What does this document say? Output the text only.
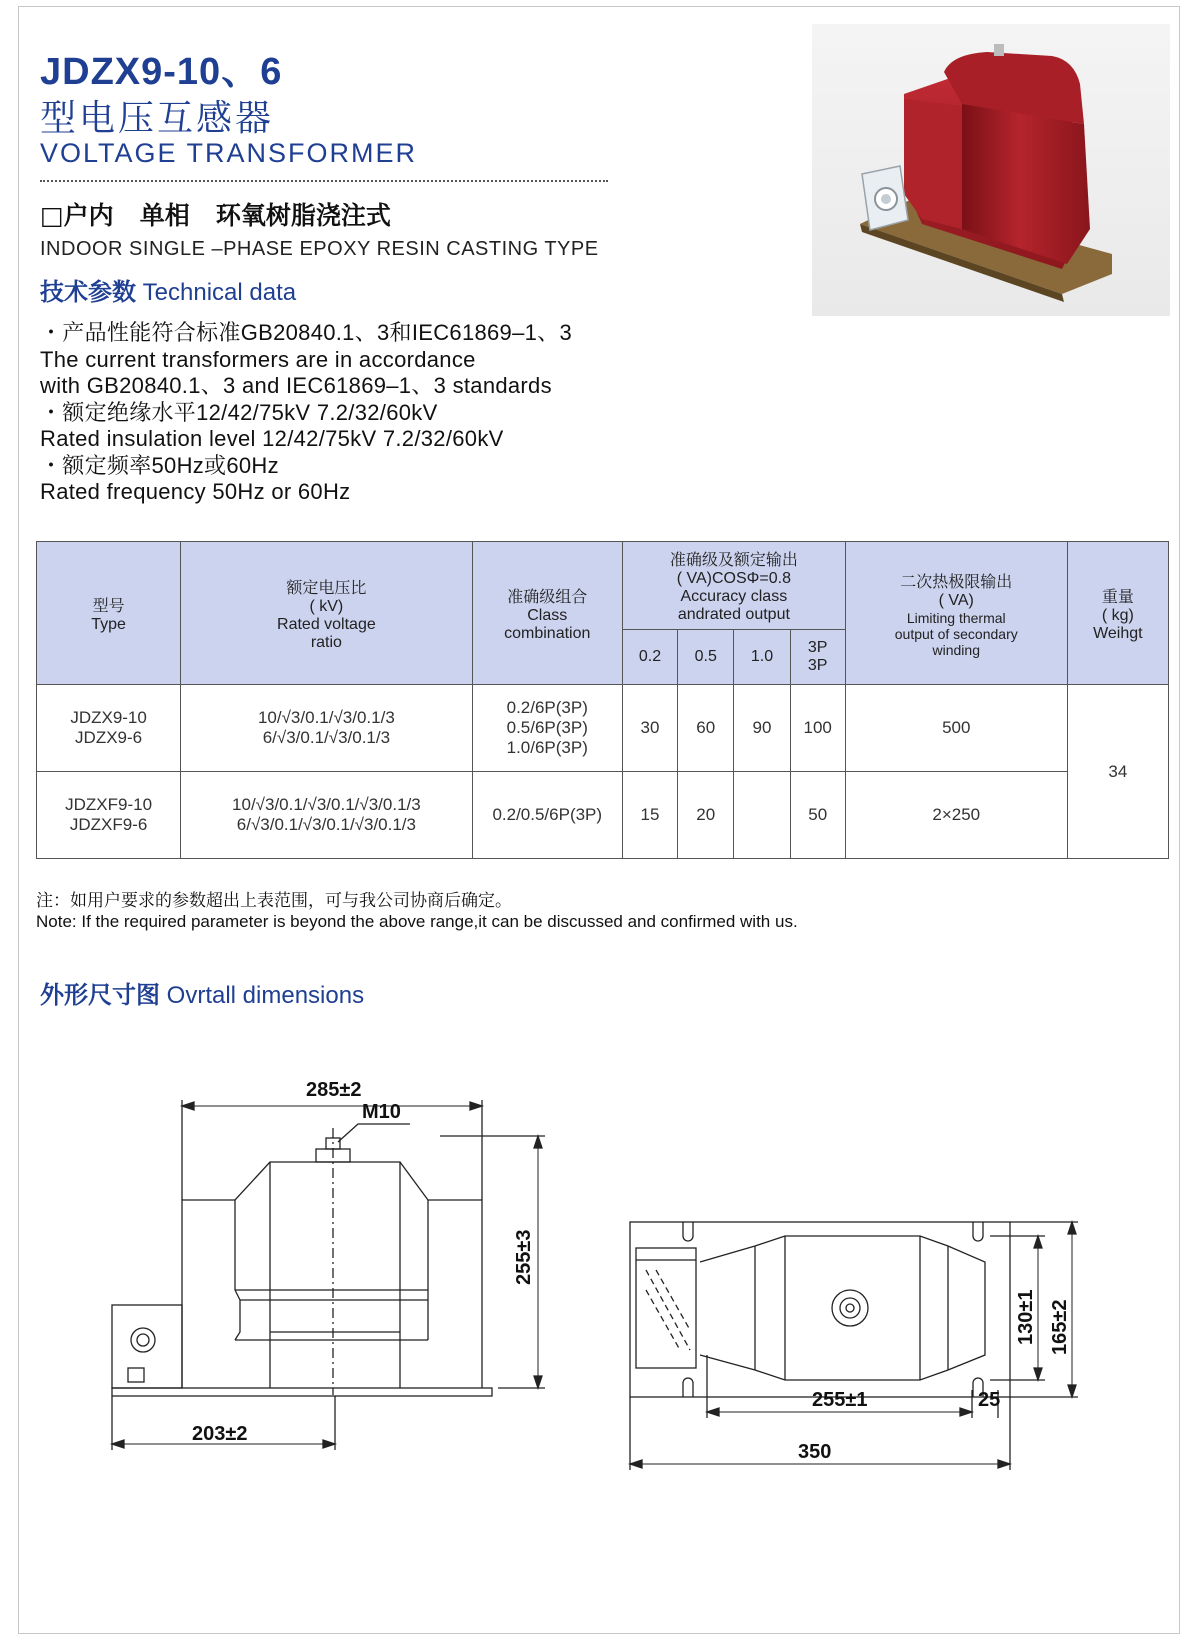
JDZX9-10、6
型电压互感器
VOLTAGE TRANSFORMER
□户内   单相   环氧树脂浇注式
INDOOR SINGLE –PHASE EPOXY RESIN CASTING TYPE
技术参数 Technical data
・产品性能符合标准GB20840.1、3和IEC61869–1、3
The current transformers are in accordance
with GB20840.1、3 and IEC61869–1、3 standards
・额定绝缘水平12/42/75kV 7.2/32/60kV
Rated insulation level 12/42/75kV 7.2/32/60kV
・额定频率50Hz或60Hz
Rated frequency 50Hz or 60Hz
型号
Type	额定电压比
( kV)
Rated voltage
ratio	准确级组合
Class
combination	准确级及额定输出
( VA)COSΦ=0.8
Accuracy class
andrated output				二次热极限输出
( VA)
Limiting thermal
output of secondary
winding	重量
( kg)
Weihgt

			0.2	0.5	1.0	3P
3P		

JDZX9-10
JDZX9-6	10/√3/0.1/√3/0.1/3
6/√3/0.1/√3/0.1/3	0.2/6P(3P)
0.5/6P(3P)
1.0/6P(3P)	30	60	90	100	500	34

JDZXF9-10
JDZXF9-6	10/√3/0.1/√3/0.1/√3/0.1/3
6/√3/0.1/√3/0.1/√3/0.1/3	0.2/0.5/6P(3P)	15	20		50	2×250	
注：如用户要求的参数超出上表范围，可与我公司协商后确定。
Note: If the required parameter is beyond the above range,it can be discussed and confirmed with us.
外形尺寸图 Ovrtall dimensions
285±2
M10
255±3
203±2
255±1	25
350
130±1 165±2
